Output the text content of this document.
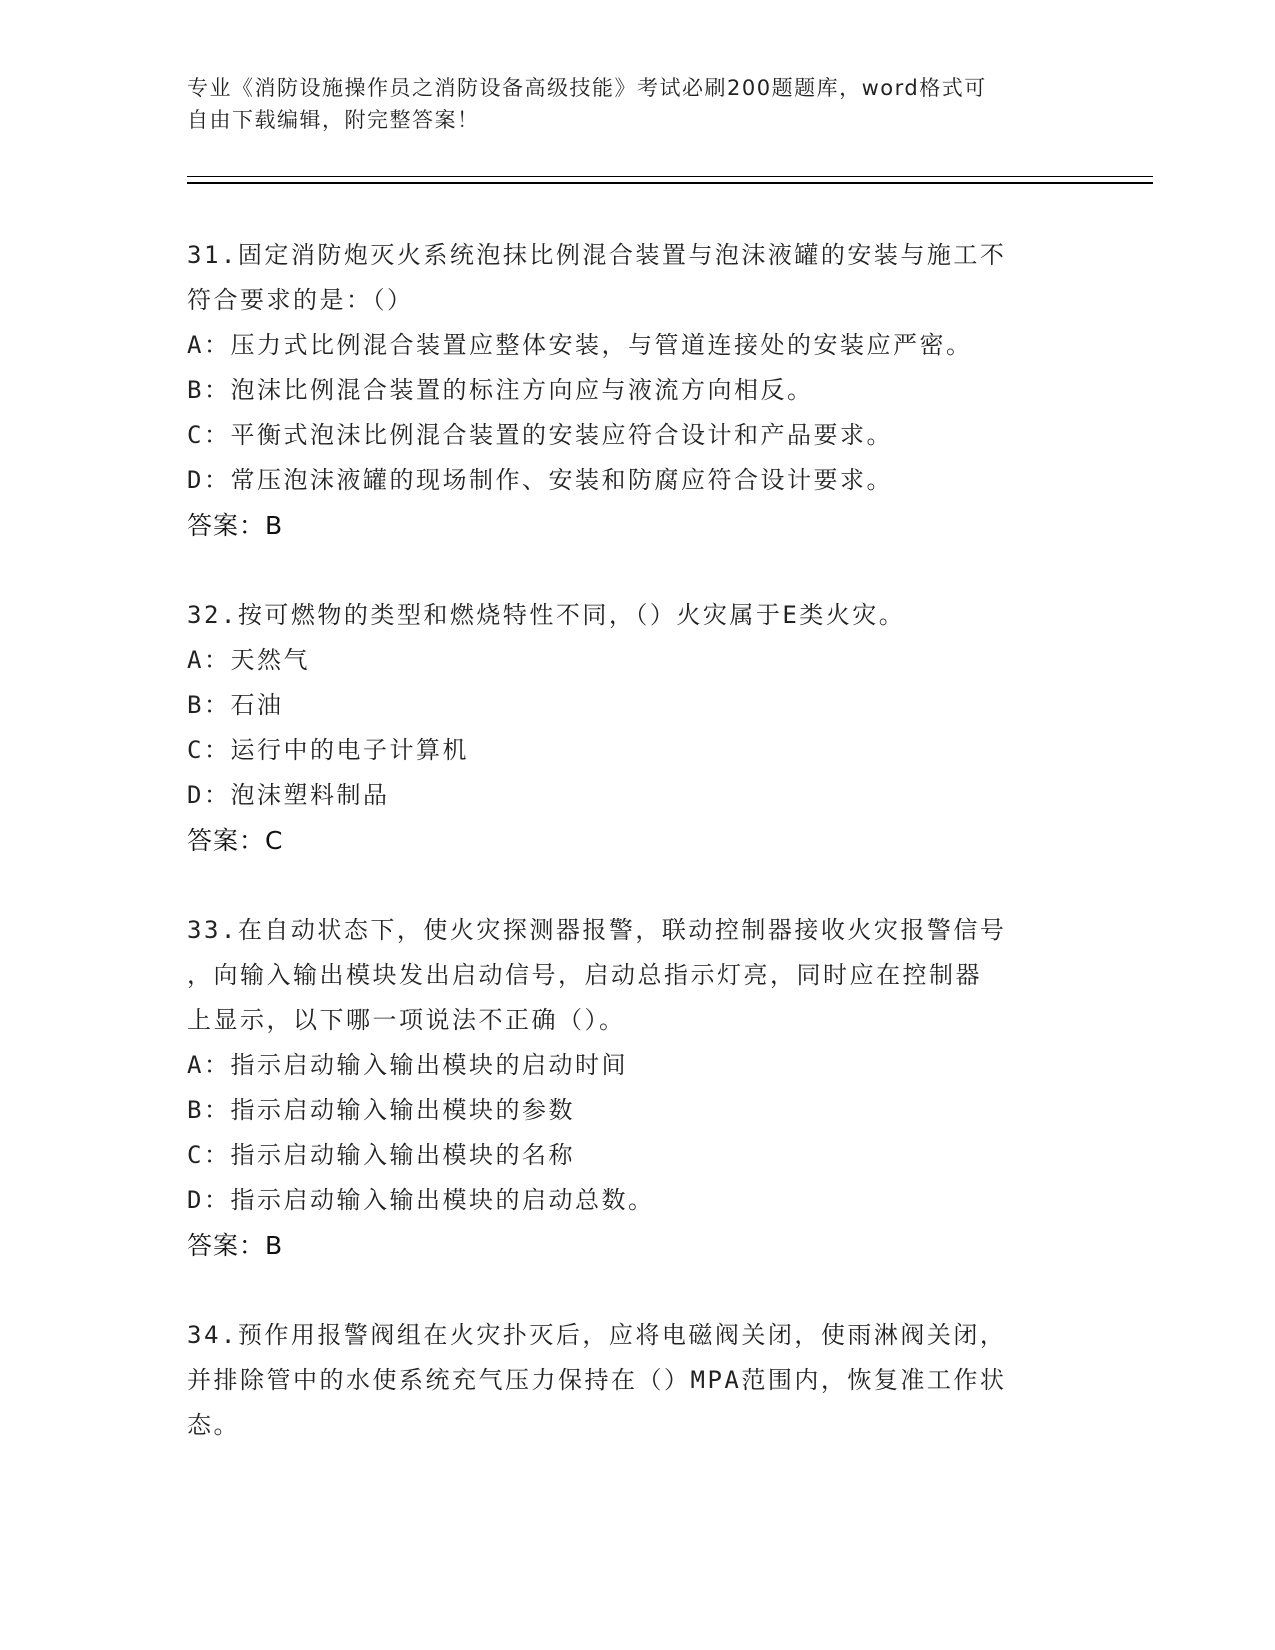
专业《消防设施操作员之消防设备高级技能》考试必刷200题题库，word格式可
自由下载编辑，附完整答案！
31.固定消防炮灭火系统泡抹比例混合装置与泡沫液罐的安装与施工不
符合要求的是：（）
A：压力式比例混合装置应整体安装，与管道连接处的安装应严密。
B：泡沫比例混合装置的标注方向应与液流方向相反。
C：平衡式泡沫比例混合装置的安装应符合设计和产品要求。
D：常压泡沫液罐的现场制作、安装和防腐应符合设计要求。
答案：B
32.按可燃物的类型和燃烧特性不同，（）火灾属于E类火灾。
A：天然气
B：石油
C：运行中的电子计算机
D：泡沫塑料制品
答案：C
33.在自动状态下，使火灾探测器报警，联动控制器接收火灾报警信号
，向输入输出模块发出启动信号，启动总指示灯亮，同时应在控制器
上显示，以下哪一项说法不正确（）。
A：指示启动输入输出模块的启动时间
B：指示启动输入输出模块的参数
C：指示启动输入输出模块的名称
D：指示启动输入输出模块的启动总数。
答案：B
34.预作用报警阀组在火灾扑灭后，应将电磁阀关闭，使雨淋阀关闭，
并排除管中的水使系统充气压力保持在（）MPA范围内，恢复准工作状
态。
